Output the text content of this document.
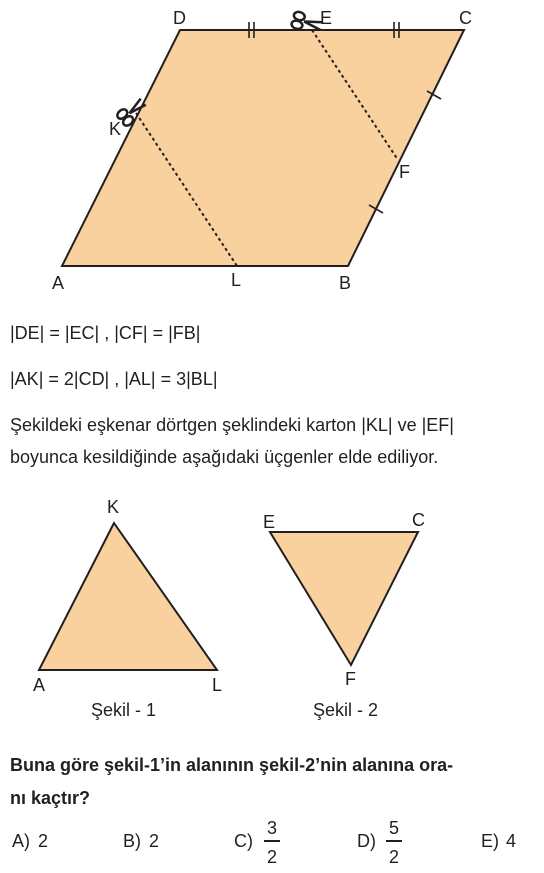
D	E	C
K
F
A	L	B
|DE| = |EC| , |CF| = |FB|
|AK| = 2|CD| , |AL| = 3|BL|
Şekildeki eşkenar dörtgen şeklindeki karton |KL| ve |EF|
boyunca kesildiğinde aşağıdaki üçgenler elde ediliyor.
K
A	L
Şekil - 1
E	C
F
Şekil - 2
Buna göre şekil-1’in alanının şekil-2’nin alanına ora-
nı kaçtır?
A) 2	B) 2	C)
3
2
D)
5
2
E) 4
